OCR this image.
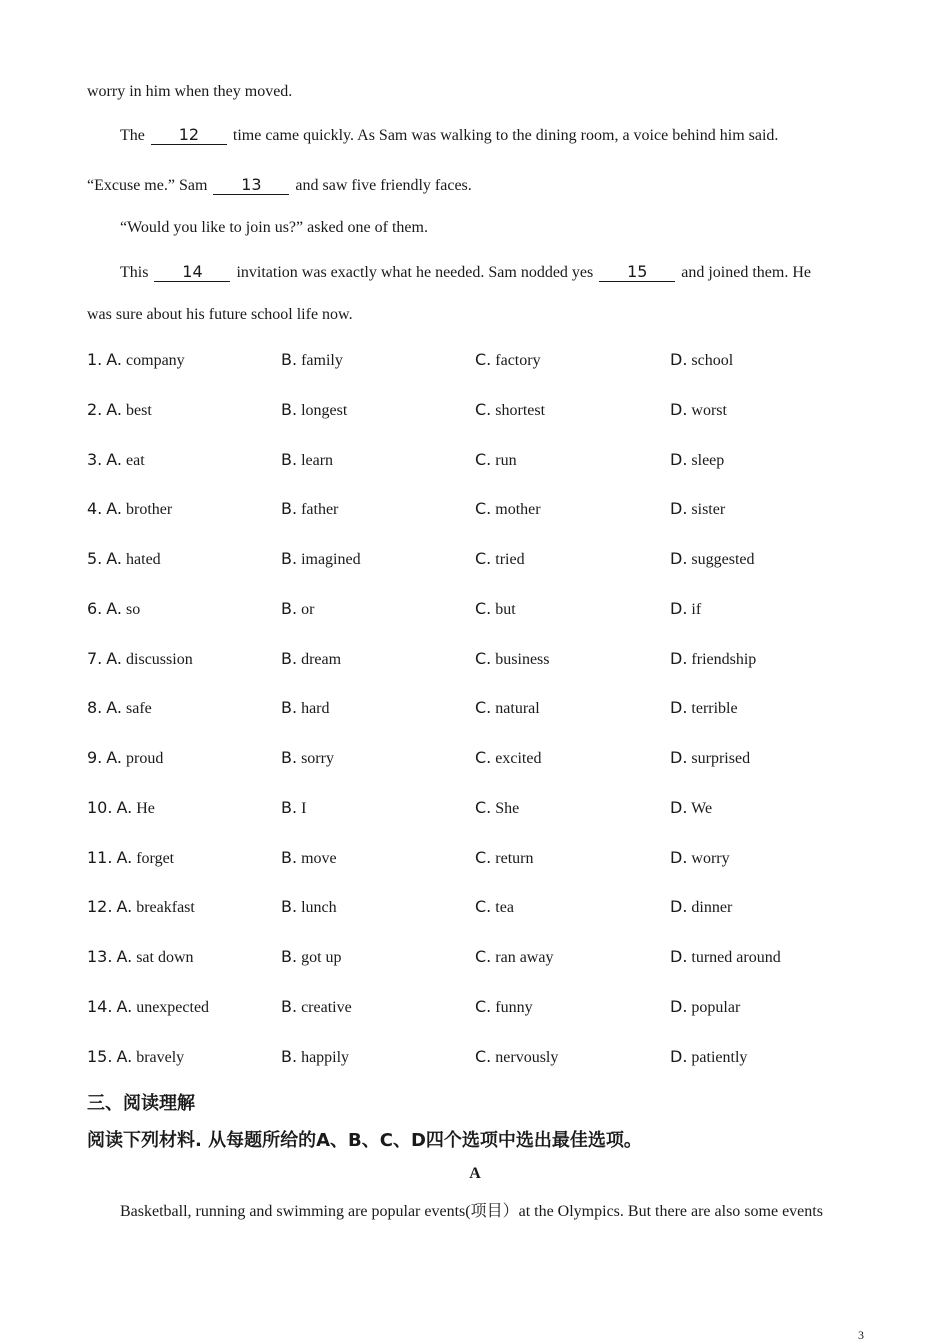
worry in him when they moved.
The 12 time came quickly. As Sam was walking to the dining room, a voice behind him said.
“Excuse me.” Sam 13 and saw five friendly faces.
“Would you like to join us?” asked one of them.
This 14 invitation was exactly what he needed. Sam nodded yes 15 and joined them. He
was sure about his future school life now.
1. A. company	B. family	C. factory	D. school
2. A. best	B. longest	C. shortest	D. worst
3. A. eat	B. learn	C. run	D. sleep
4. A. brother	B. father	C. mother	D. sister
5. A. hated	B. imagined	C. tried	D. suggested
6. A. so	B. or	C. but	D. if
7. A. discussion	B. dream	C. business	D. friendship
8. A. safe	B. hard	C. natural	D. terrible
9. A. proud	B. sorry	C. excited	D. surprised
10. A. He	B. I	C. She	D. We
11. A. forget	B. move	C. return	D. worry
12. A. breakfast	B. lunch	C. tea	D. dinner
13. A. sat down	B. got up	C. ran away	D. turned around
14. A. unexpected	B. creative	C. funny	D. popular
15. A. bravely	B. happily	C. nervously	D. patiently
三、阅读理解
阅读下列材料. 从每题所给的A、B、C、D四个选项中选出最佳选项。
A
Basketball, running and swimming are popular events(项目）at the Olympics. But there are also some events
3
